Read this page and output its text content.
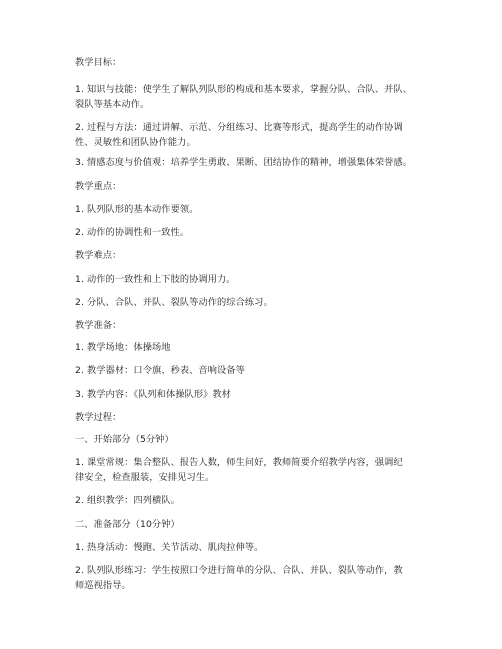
教学目标：
1. 知识与技能：使学生了解队列队形的构成和基本要求，掌握分队、合队、并队、
裂队等基本动作。
2. 过程与方法：通过讲解、示范、分组练习、比赛等形式，提高学生的动作协调
性、灵敏性和团队协作能力。
3. 情感态度与价值观：培养学生勇敢、果断、团结协作的精神，增强集体荣誉感。
教学重点：
1. 队列队形的基本动作要领。
2. 动作的协调性和一致性。
教学难点：
1. 动作的一致性和上下肢的协调用力。
2. 分队、合队、并队、裂队等动作的综合练习。
教学准备：
1. 教学场地：体操场地
2. 教学器材：口令旗、秒表、音响设备等
3. 教学内容：《队列和体操队形》教材
教学过程：
一、开始部分（5分钟）
1. 课堂常规：集合整队、报告人数，师生问好，教师简要介绍教学内容，强调纪
律安全，检查服装，安排见习生。
2. 组织教学：四列横队。
二、准备部分（10分钟）
1. 热身活动：慢跑、关节活动、肌肉拉伸等。
2. 队列队形练习：学生按照口令进行简单的分队、合队、并队、裂队等动作，教
师巡视指导。
